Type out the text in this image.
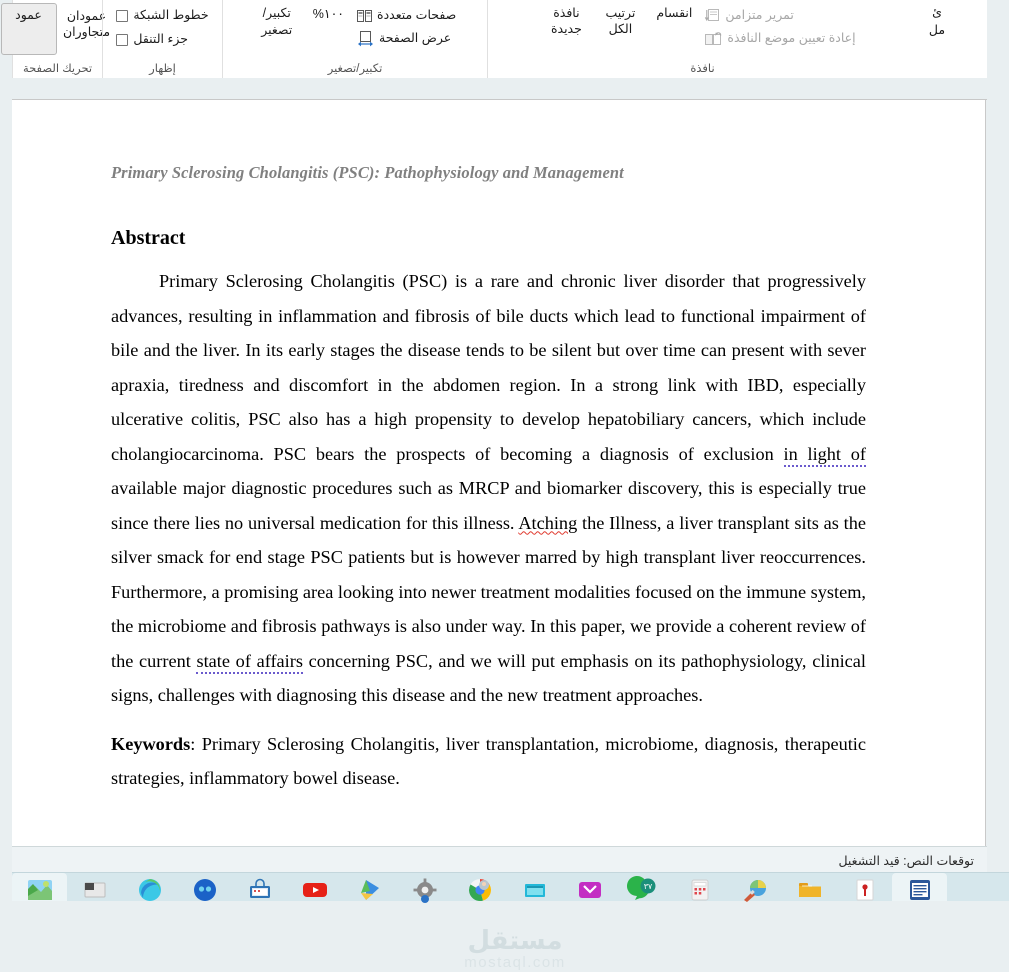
عمود عمودان
متجاوران
تحريك الصفحة
خطوط الشبكة
جزء التنقل
إظهار
تكبير/
تصغير
١٠٠%	صفحات متعددة
عرض الصفحة
تكبير/تصغير
نافذة
جديدة
ترتيب
الكل
انقسام	تمرير متزامن
إعادة تعيين موضع النافذة
نافذة
ئ
مل
Primary Sclerosing Cholangitis (PSC): Pathophysiology and Management
Abstract

Primary Sclerosing Cholangitis (PSC) is a rare and chronic liver disorder that progressively advances, resulting in inflammation and fibrosis of bile ducts which lead to functional impairment of bile and the liver. In its early stages the disease tends to be silent but over time can present with sever apraxia, tiredness and discomfort in the abdomen region. In a strong link with IBD, especially ulcerative colitis, PSC also has a high propensity to develop hepatobiliary cancers, which include cholangiocarcinoma. PSC bears the prospects of becoming a diagnosis of exclusion in light of available major diagnostic procedures such as MRCP and biomarker discovery, this is especially true since there lies no universal medication for this illness. Atching the Illness, a liver transplant sits as the silver smack for end stage PSC patients but is however marred by high transplant liver reoccurrences. Furthermore, a promising area looking into newer treatment modalities focused on the immune system, the microbiome and fibrosis pathways is also under way. In this paper, we provide a coherent review of the current state of affairs concerning PSC, and we will put emphasis on its pathophysiology, clinical signs, challenges with diagnosing this disease and the new treatment approaches.

Keywords: Primary Sclerosing Cholangitis, liver transplantation, microbiome, diagnosis, therapeutic strategies, inflammatory bowel disease.

مستقل
mostaql.com
توقعات النص: قيد التشغيل
٣٧
